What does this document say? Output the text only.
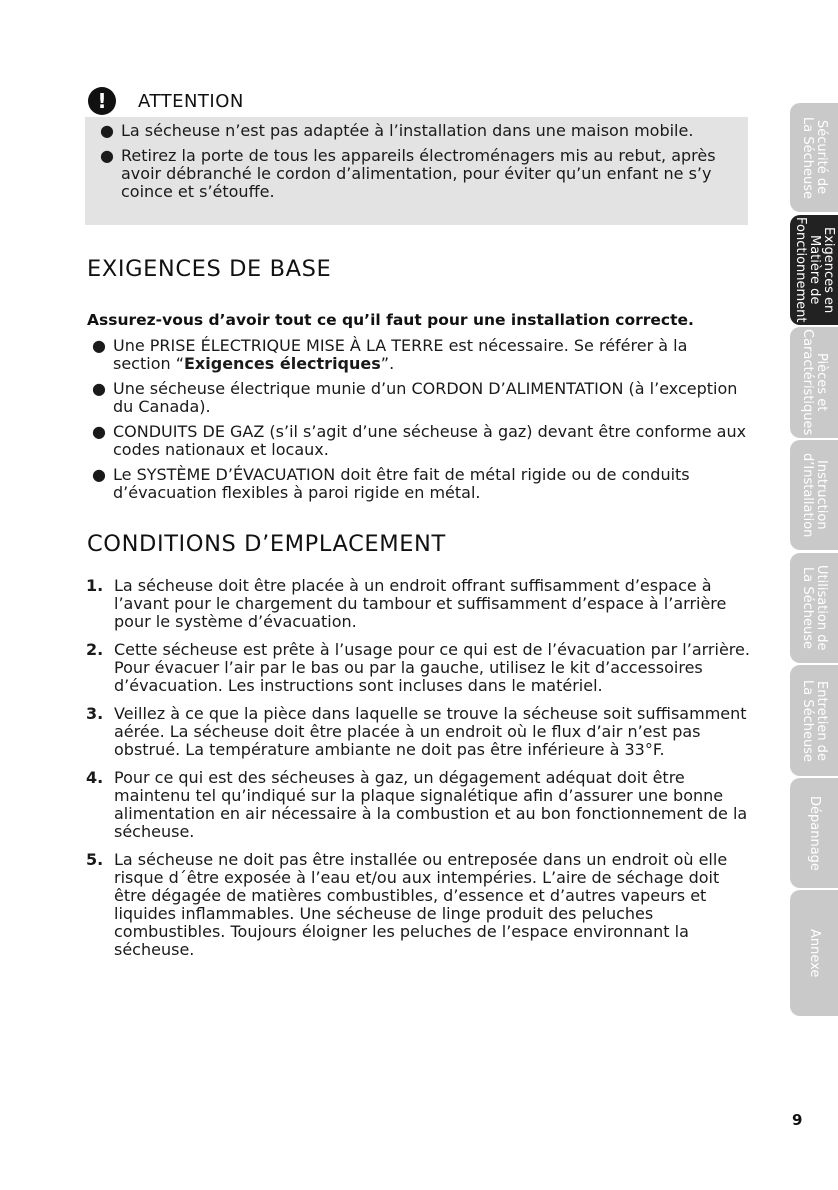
!	ATTENTION
● La sécheuse n’est pas adaptée à l’installation dans une maison mobile.
● Retirez la porte de tous les appareils électroménagers mis au rebut, après avoir débranché le cordon d’alimentation, pour éviter qu’un enfant ne s’y coince et s’étouffe.
EXIGENCES DE BASE
Assurez-vous d’avoir tout ce qu’il faut pour une installation correcte.
● Une PRISE ÉLECTRIQUE MISE À LA TERRE est nécessaire. Se référer à la section “Exigences électriques”.
● Une sécheuse électrique munie d’un CORDON D’ALIMENTATION (à l’exception du Canada).
● CONDUITS DE GAZ (s’il s’agit d’une sécheuse à gaz) devant être conforme aux codes nationaux et locaux.
● Le SYSTÈME D’ÉVACUATION doit être fait de métal rigide ou de conduits d’évacuation flexibles à paroi rigide en métal.
CONDITIONS D’EMPLACEMENT
1. La sécheuse doit être placée à un endroit offrant suffisamment d’espace à l’avant pour le chargement du tambour et suffisamment d’espace à l’arrière pour le système d’évacuation.
2. Cette sécheuse est prête à l’usage pour ce qui est de l’évacuation par l’arrière. Pour évacuer l’air par le bas ou par la gauche, utilisez le kit d’accessoires d’évacuation. Les instructions sont incluses dans le matériel.
3. Veillez à ce que la pièce dans laquelle se trouve la sécheuse soit suffisamment aérée. La sécheuse doit être placée à un endroit où le flux d’air n’est pas obstrué. La température ambiante ne doit pas être inférieure à 33°F.
4. Pour ce qui est des sécheuses à gaz, un dégagement adéquat doit être maintenu tel qu’indiqué sur la plaque signalétique afin d’assurer une bonne alimentation en air nécessaire à la combustion et au bon fonctionnement de la sécheuse.
5. La sécheuse ne doit pas être installée ou entreposée dans un endroit où elle risque d´être exposée à l’eau et/ou aux intempéries. L’aire de séchage doit être dégagée de matières combustibles, d’essence et d’autres vapeurs et liquides inflammables. Une sécheuse de linge produit des peluches combustibles. Toujours éloigner les peluches de l’espace environnant la sécheuse.
Sécurité de
La Sécheuse
Exigences en
Matière de
Fonctionnement
Pièces et
Caractéristiques
Instruction
d’Installation
Utilisation de
La Sécheuse
Entretien de
La Sécheuse
Dépannage
Annexe
9
